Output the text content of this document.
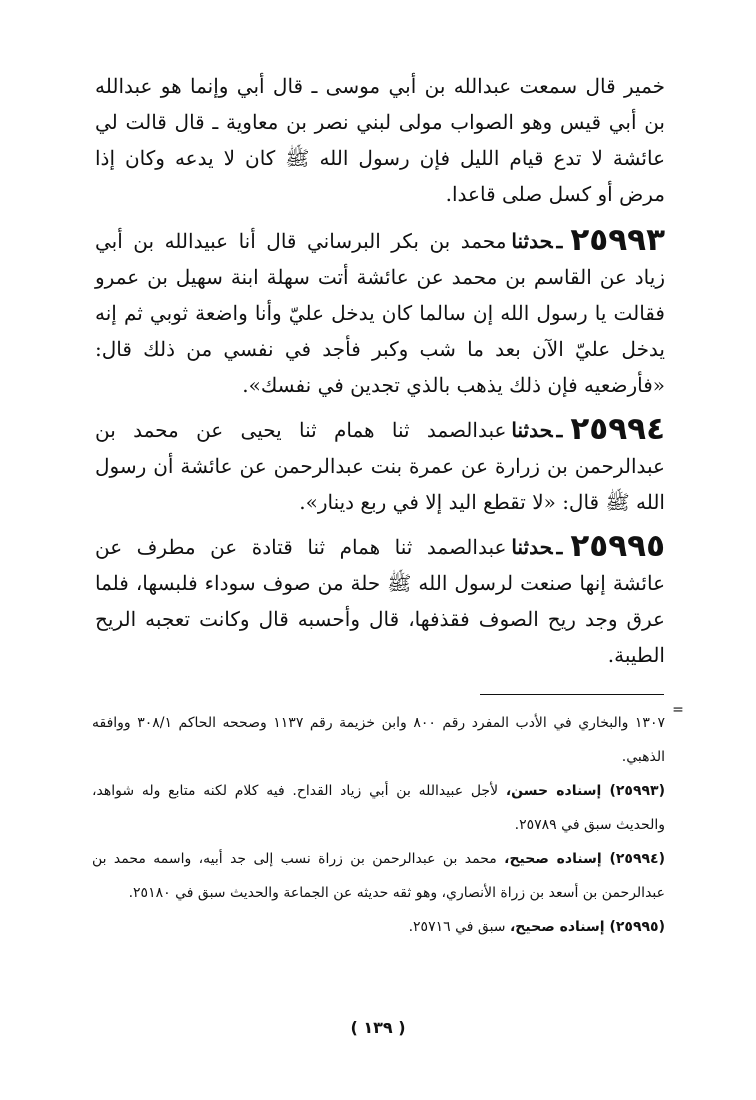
خمير قال سمعت عبدالله بن أبي موسى ـ قال أبي وإنما هو عبدالله بن أبي قيس وهو الصواب مولى لبني نصر بن معاوية ـ قال قالت لي عائشة لا تدع قيام الليل فإن رسول الله ﷺ كان لا يدعه وكان إذا مرض أو كسل صلى قاعدا.

٢٥٩٩٣ـحدثنامحمد بن بكر البرساني قال أنا عبيدالله بن أبي زياد عن القاسم بن محمد عن عائشة أتت سهلة ابنة سهيل بن عمرو فقالت يا رسول الله إن سالما كان يدخل عليّ وأنا واضعة ثوبي ثم إنه يدخل عليّ الآن بعد ما شب وكبر فأجد في نفسي من ذلك قال: «فأرضعيه فإن ذلك يذهب بالذي تجدين في نفسك».

٢٥٩٩٤ـحدثناعبدالصمد ثنا همام ثنا يحيى عن محمد بن عبدالرحمن بن زرارة عن عمرة بنت عبدالرحمن عن عائشة أن رسول الله ﷺ قال: «لا تقطع اليد إلا في ربع دينار».

٢٥٩٩٥ـحدثناعبدالصمد ثنا همام ثنا قتادة عن مطرف عن عائشة إنها صنعت لرسول الله ﷺ حلة من صوف سوداء فلبسها، فلما عرق وجد ريح الصوف فقذفها، قال وأحسبه قال وكانت تعجبه الريح الطيبة.

=

١٣٠٧ والبخاري في الأدب المفرد رقم ٨٠٠ وابن خزيمة رقم ١١٣٧ وصححه الحاكم ٣٠٨/١ ووافقه الذهبي.

(٢٥٩٩٣) إسناده حسن، لأجل عبيدالله بن أبي زياد القداح. فيه كلام لكنه متابع وله شواهد، والحديث سبق في ٢٥٧٨٩.

(٢٥٩٩٤) إسناده صحيح، محمد بن عبدالرحمن بن زراة نسب إلى جد أبيه، واسمه محمد بن عبدالرحمن بن أسعد بن زراة الأنصاري، وهو ثقه حديثه عن الجماعة والحديث سبق في ٢٥١٨٠.

(٢٥٩٩٥) إسناده صحيح، سبق في ٢٥٧١٦.

( ١٣٩ )
